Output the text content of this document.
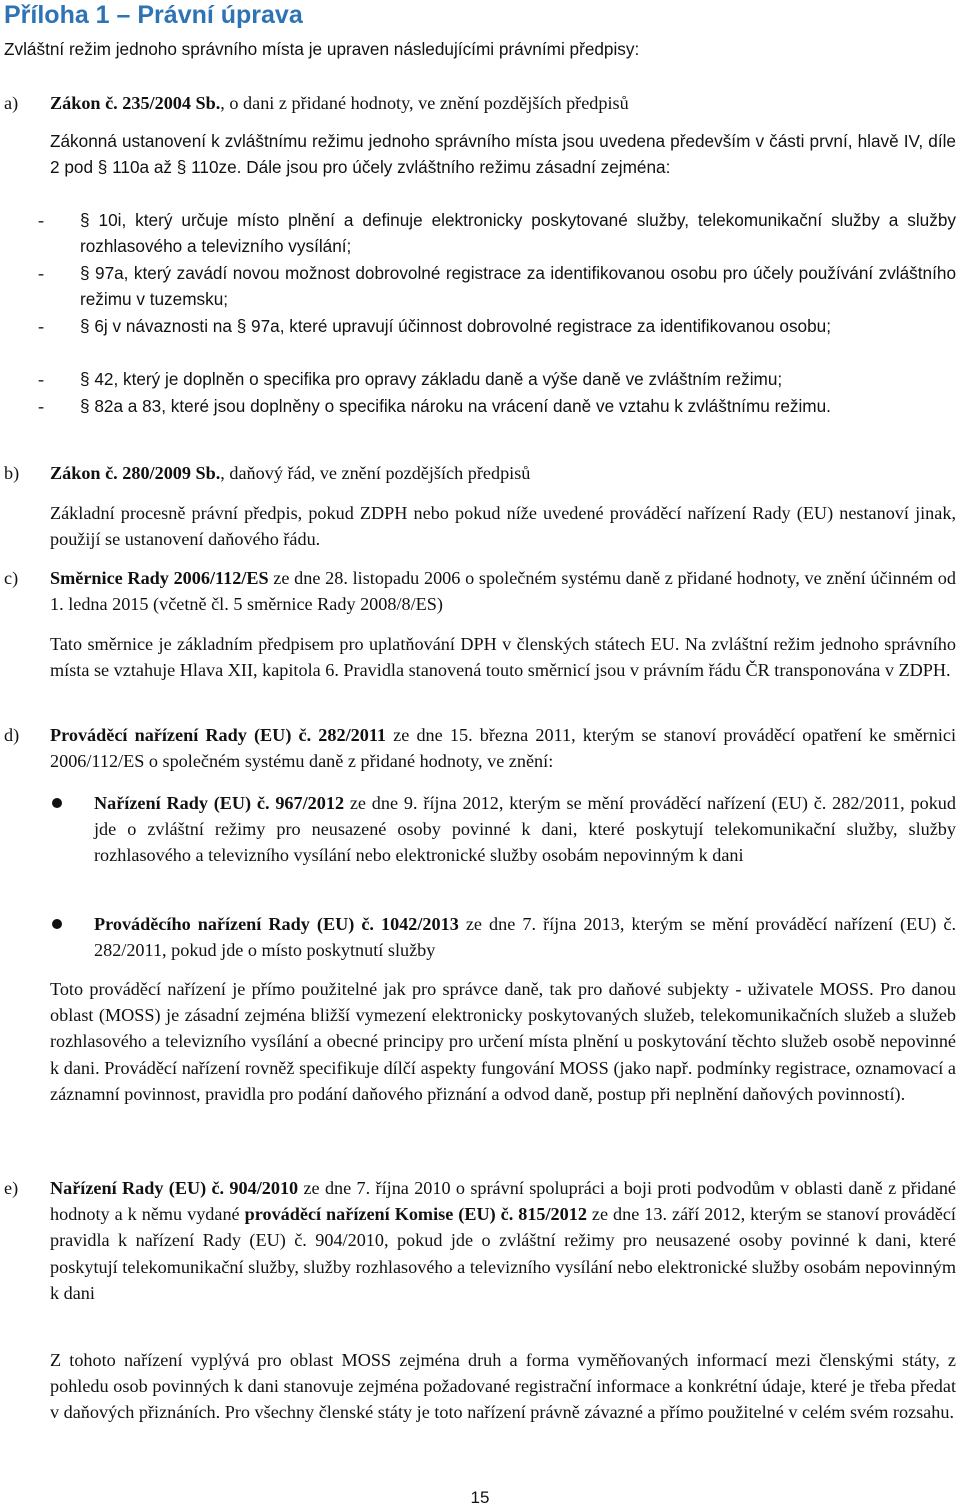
Příloha 1 – Právní úprava
Zvláštní režim jednoho správního místa je upraven následujícími právními předpisy:
a) Zákon č. 235/2004 Sb., o dani z přidané hodnoty, ve znění pozdějších předpisů
Zákonná ustanovení k zvláštnímu režimu jednoho správního místa jsou uvedena především v části první, hlavě IV, díle 2 pod § 110a až § 110ze. Dále jsou pro účely zvláštního režimu zásadní zejména:
- § 10i, který určuje místo plnění a definuje elektronicky poskytované služby, telekomunikační služby a služby rozhlasového a televizního vysílání;
- § 97a, který zavádí novou možnost dobrovolné registrace za identifikovanou osobu pro účely používání zvláštního režimu v tuzemsku;
- § 6j v návaznosti na § 97a, které upravují účinnost dobrovolné registrace za identifikovanou osobu;
- § 42, který je doplněn o specifika pro opravy základu daně a výše daně ve zvláštním režimu;
- § 82a a 83, které jsou doplněny o specifika nároku na vrácení daně ve vztahu k zvláštnímu režimu.
b) Zákon č. 280/2009 Sb., daňový řád, ve znění pozdějších předpisů
Základní procesně právní předpis, pokud ZDPH nebo pokud níže uvedené prováděcí nařízení Rady (EU) nestanoví jinak, použijí se ustanovení daňového řádu.
c) Směrnice Rady 2006/112/ES ze dne 28. listopadu 2006 o společném systému daně z přidané hodnoty, ve znění účinném od 1. ledna 2015 (včetně čl. 5 směrnice Rady 2008/8/ES)
Tato směrnice je základním předpisem pro uplatňování DPH v členských státech EU. Na zvláštní režim jednoho správního místa se vztahuje Hlava XII, kapitola 6. Pravidla stanovená touto směrnicí jsou v právním řádu ČR transponována v ZDPH.
d) Prováděcí nařízení Rady (EU) č. 282/2011 ze dne 15. března 2011, kterým se stanoví prováděcí opatření ke směrnici 2006/112/ES o společném systému daně z přidané hodnoty, ve znění:
Nařízení Rady (EU) č. 967/2012 ze dne 9. října 2012, kterým se mění prováděcí nařízení (EU) č. 282/2011, pokud jde o zvláštní režimy pro neusazené osoby povinné k dani, které poskytují telekomunikační služby, služby rozhlasového a televizního vysílání nebo elektronické služby osobám nepovinným k dani
Prováděcího nařízení Rady (EU) č. 1042/2013 ze dne 7. října 2013, kterým se mění prováděcí nařízení (EU) č. 282/2011, pokud jde o místo poskytnutí služby
Toto prováděcí nařízení je přímo použitelné jak pro správce daně, tak pro daňové subjekty - uživatele MOSS. Pro danou oblast (MOSS) je zásadní zejména bližší vymezení elektronicky poskytovaných služeb, telekomunikačních služeb a služeb rozhlasového a televizního vysílání a obecné principy pro určení místa plnění u poskytování těchto služeb osobě nepovinné k dani. Prováděcí nařízení rovněž specifikuje dílčí aspekty fungování MOSS (jako např. podmínky registrace, oznamovací a záznamní povinnost, pravidla pro podání daňového přiznání a odvod daně, postup při neplnění daňových povinností).
e) Nařízení Rady (EU) č. 904/2010 ze dne 7. října 2010 o správní spolupráci a boji proti podvodům v oblasti daně z přidané hodnoty a k němu vydané prováděcí nařízení Komise (EU) č. 815/2012 ze dne 13. září 2012, kterým se stanoví prováděcí pravidla k nařízení Rady (EU) č. 904/2010, pokud jde o zvláštní režimy pro neusazené osoby povinné k dani, které poskytují telekomunikační služby, služby rozhlasového a televizního vysílání nebo elektronické služby osobám nepovinným k dani
Z tohoto nařízení vyplývá pro oblast MOSS zejména druh a forma vyměňovaných informací mezi členskými státy, z pohledu osob povinných k dani stanovuje zejména požadované registrační informace a konkrétní údaje, které je třeba předat v daňových přiznáních. Pro všechny členské státy je toto nařízení právně závazné a přímo použitelné v celém svém rozsahu.
15
